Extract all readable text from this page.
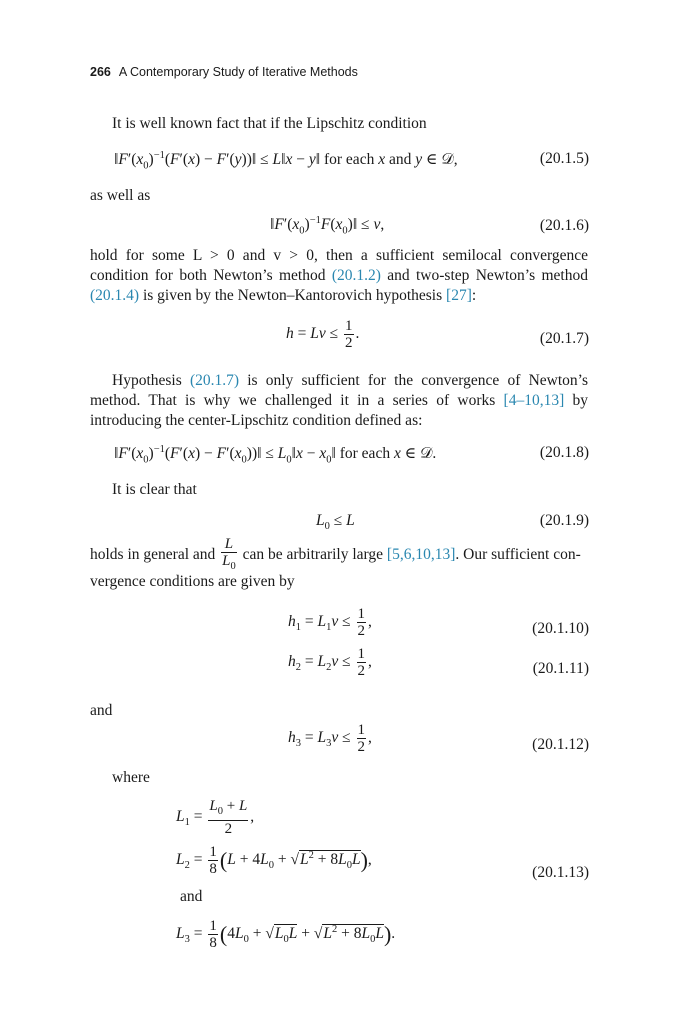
266 A Contemporary Study of Iterative Methods
It is well known fact that if the Lipschitz condition
$‖F'(x_0)^{-1}(F'(x)$ − F′(y))‖ ≤ L‖x − y‖ for each x and y ∈ 𝒟,	(20.1.5)
as well as
$‖F'(x_0)^{-1}F(x_0)‖ \le v$,	(20.1.6)
hold for some L > 0 and v > 0, then a sufficient semilocal convergence condition for both Newton’s method (20.1.2) and two-step Newton’s method (20.1.4) is given by the Newton–Kantorovich hypothesis [27]:
$h = Lv \le \frac{1}{2}$ .	(20.1.7)
Hypothesis (20.1.7) is only sufficient for the convergence of Newton’s method. That is why we challenged it in a series of works [4–10,13] by introducing the center-Lipschitz condition defined as:
$‖F'(x_0)^{-1}(F'(x)$ − $F'(x_0))‖$ ≤ $L_0‖x$ − $x_0‖$ for each x ∈ 𝒟.	(20.1.8)
It is clear that
$L_0 \le L$	(20.1.9)
holds in general and $\frac{L}{L_0}$ can be arbitrarily large [5,6,10,13]. Our sufficient con-
vergence conditions are given by
$h_1 = L_1v \le \frac{1}{2}$ ,	(20.1.10)
$h_2 = L_2v \le \frac{1}{2}$ ,	(20.1.11)
and
$h_3 = L_3v \le \frac{1}{2}$ ,	(20.1.12)
where
$L_1 = \frac{L_0 + L}{2}$ ,
$L_2 = \frac{1}{8} (L + 4L_0 + √L^2 + 8L_0L)$,
(20.1.13)
and
$L_3 = \frac{1}{8} (4L_0 + √L_0L + √L^2 + 8L_0L)$.
